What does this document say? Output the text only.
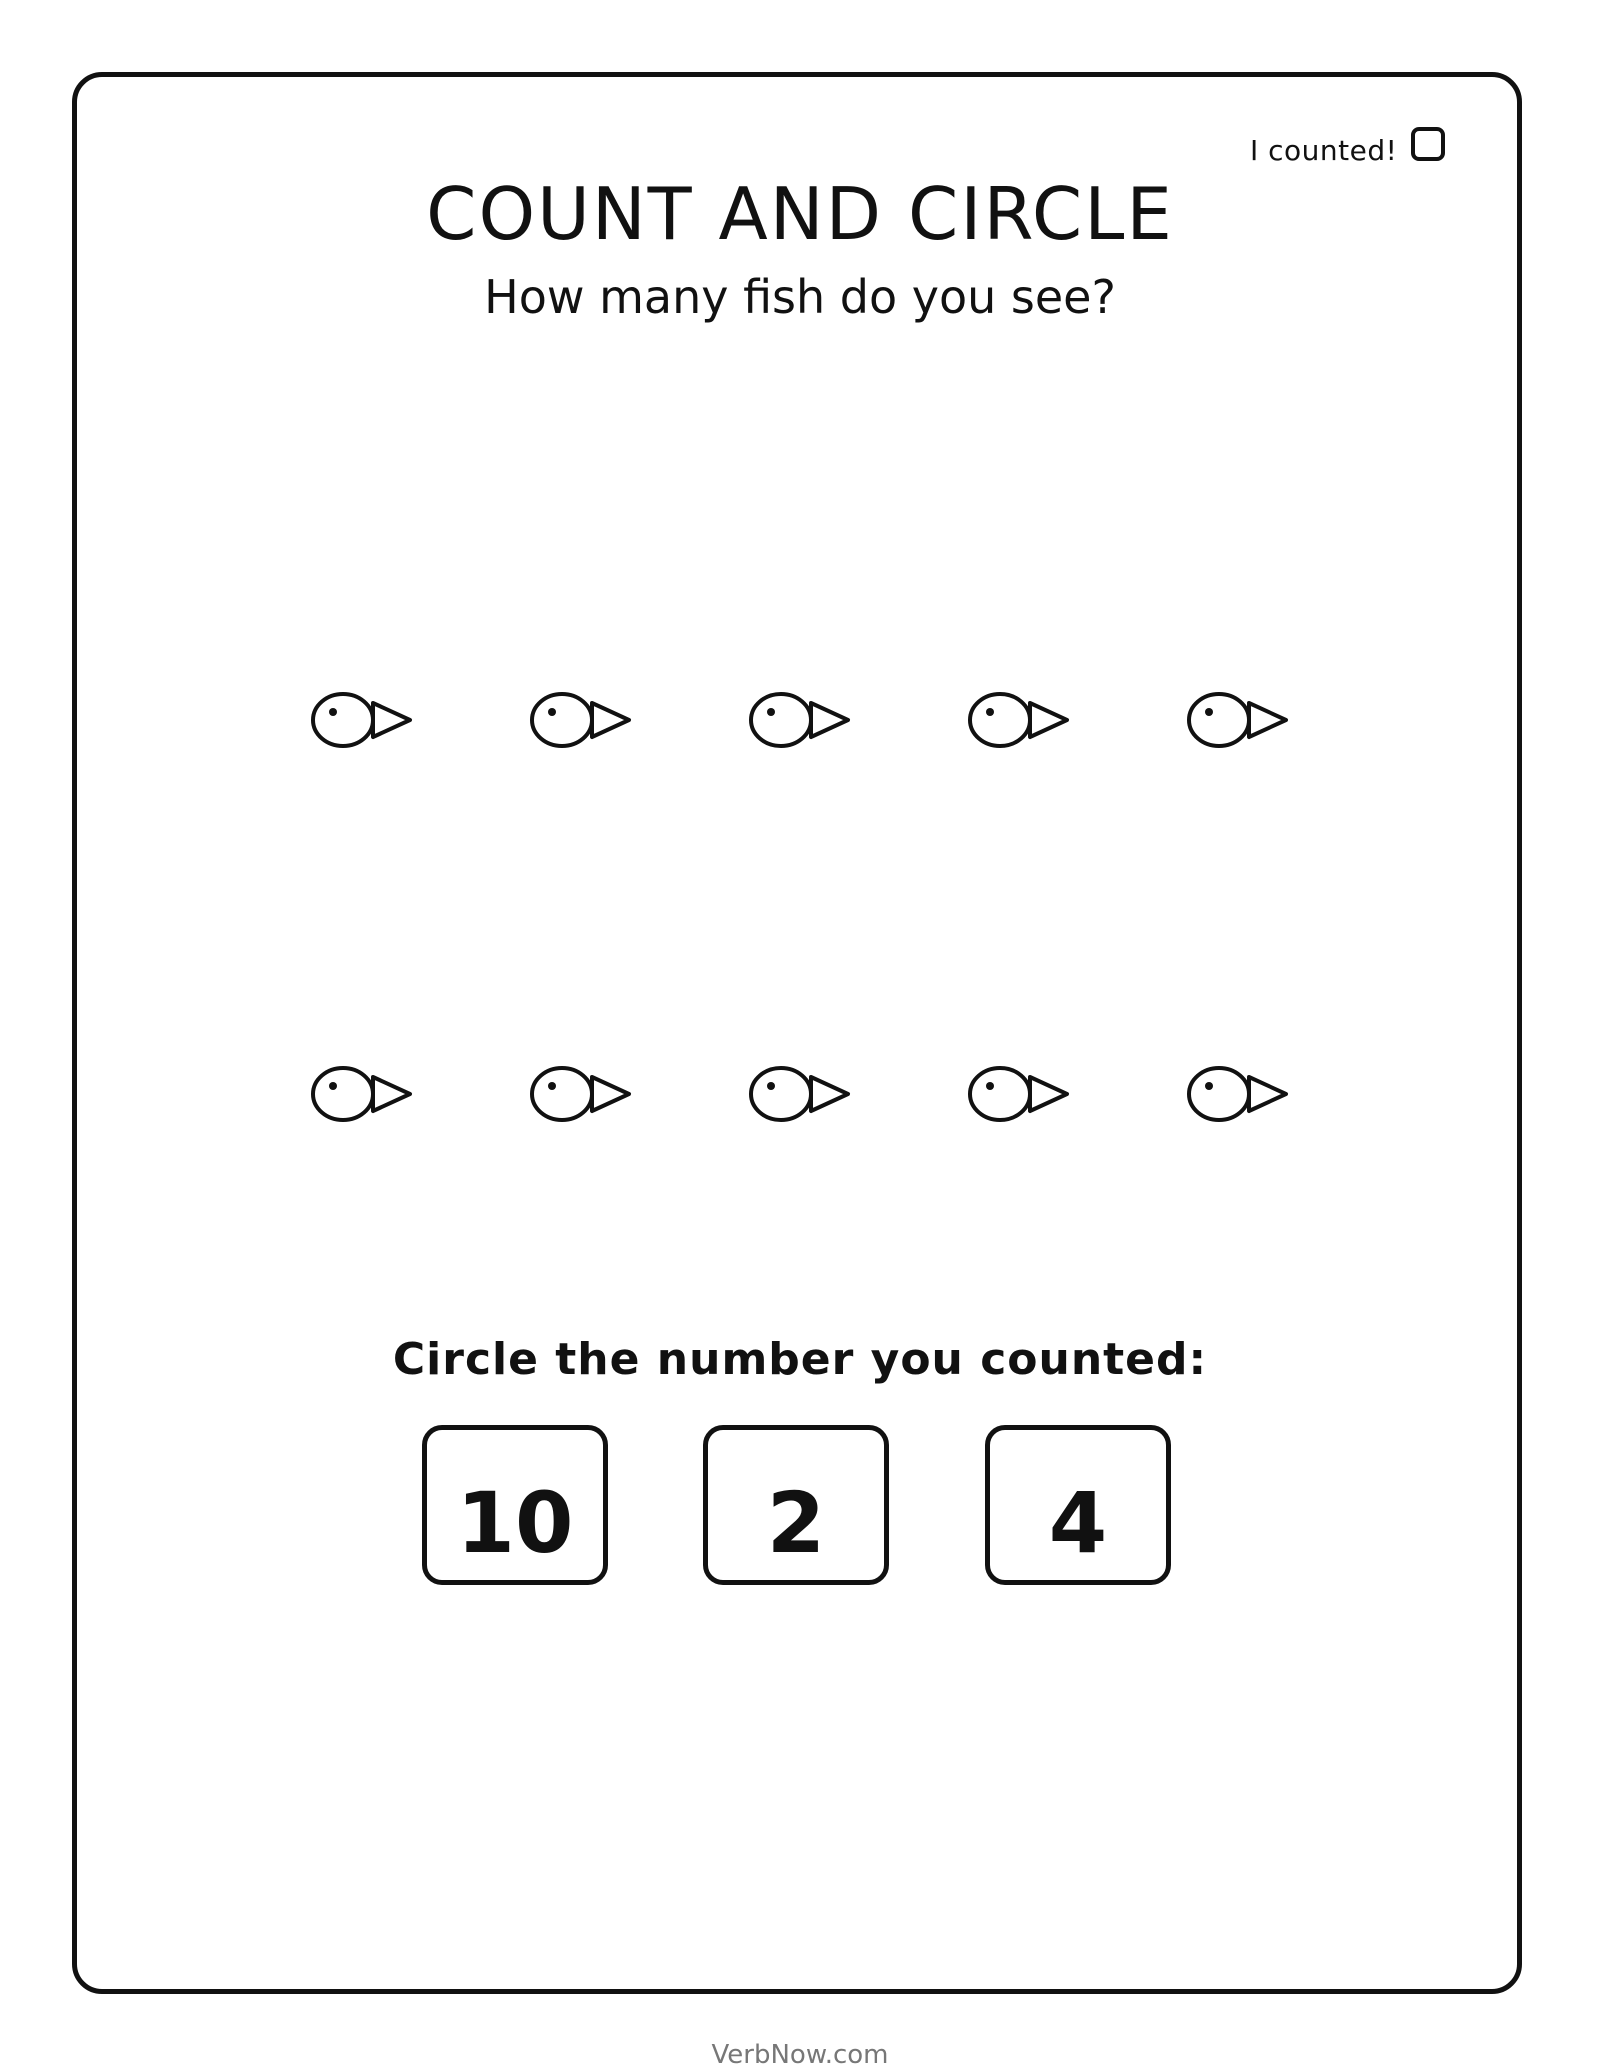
I counted!
COUNT AND CIRCLE
How many fish do you see?
Circle the number you counted:
10	2	4
VerbNow.com
